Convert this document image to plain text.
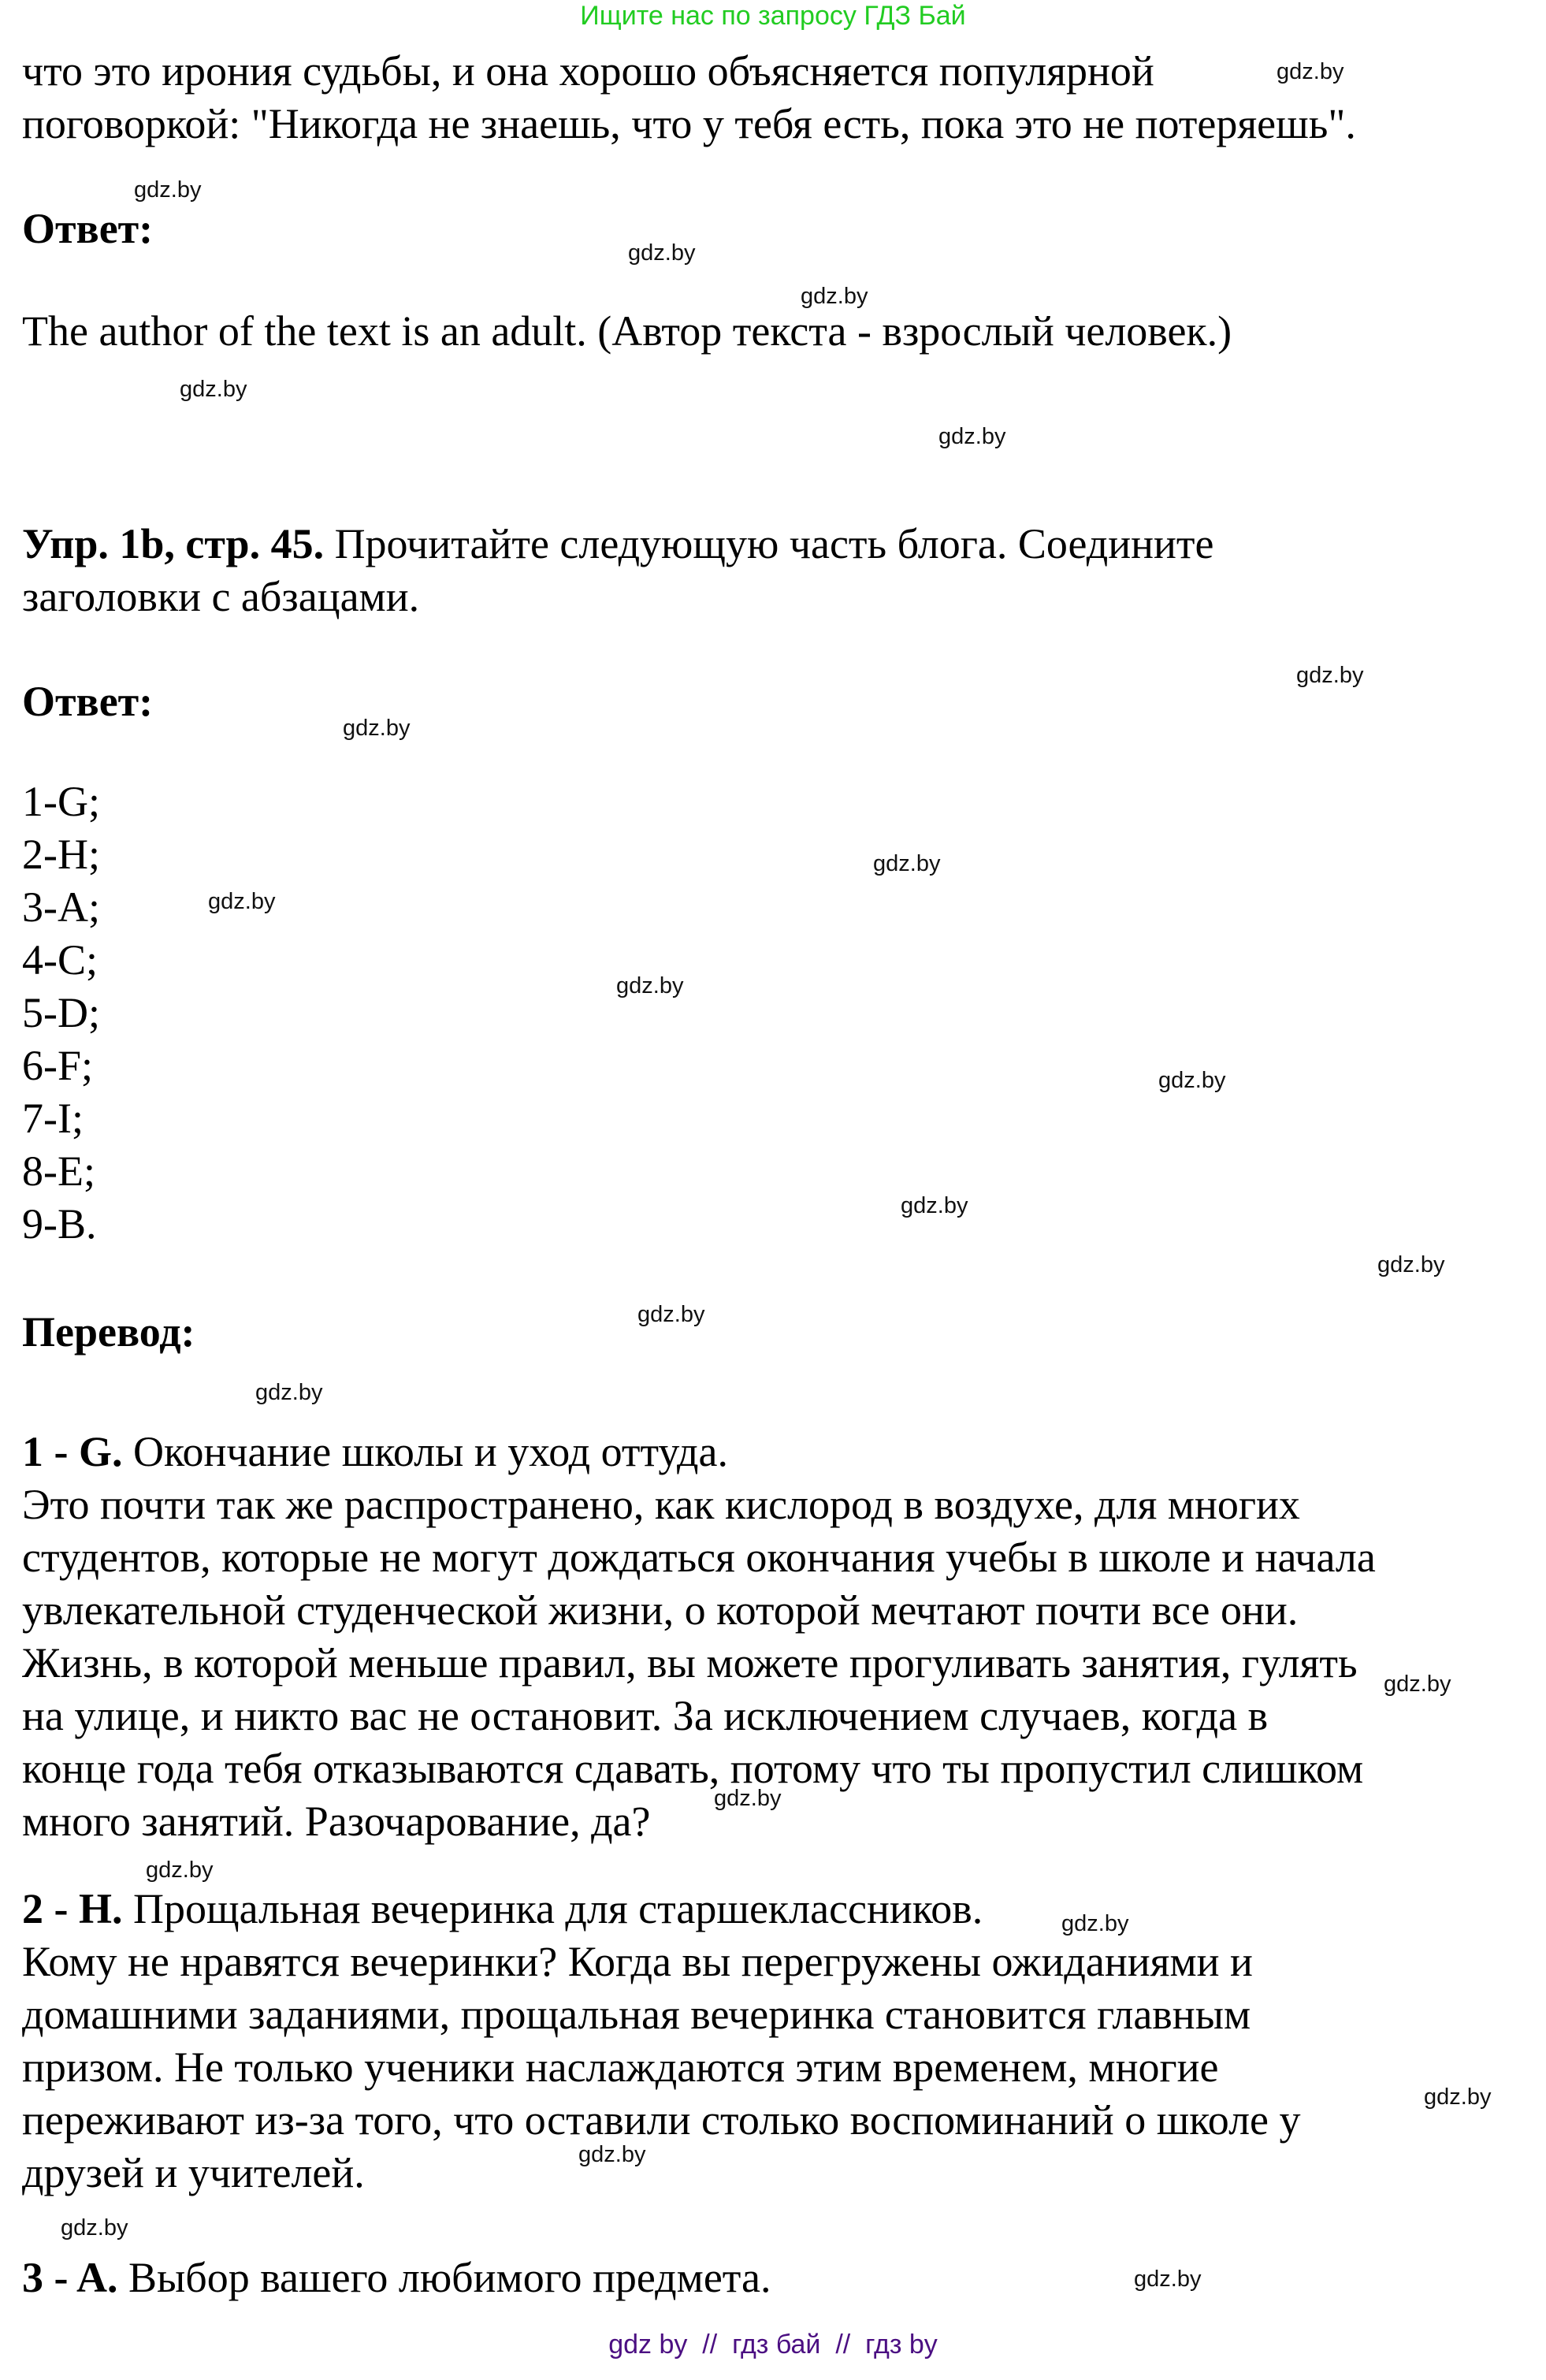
Ищите нас по запросу ГДЗ Бай
что это ирония судьбы, и она хорошо объясняется популярной
поговоркой: "Никогда не знаешь, что у тебя есть, пока это не потеряешь".
Ответ:
The author of the text is an adult. (Автор текста - взрослый человек.)
Упр. 1b, стр. 45. Прочитайте следующую часть блога. Соедините
заголовки с абзацами.
Ответ:
1-G;
2-H;
3-A;
4-C;
5-D;
6-F;
7-I;
8-E;
9-B.
Перевод:
1 - G. Окончание школы и уход оттуда.
Это почти так же распространено, как кислород в воздухе, для многих
студентов, которые не могут дождаться окончания учебы в школе и начала
увлекательной студенческой жизни, о которой мечтают почти все они.
Жизнь, в которой меньше правил, вы можете прогуливать занятия, гулять
на улице, и никто вас не остановит. За исключением случаев, когда в
конце года тебя отказываются сдавать, потому что ты пропустил слишком
много занятий. Разочарование, да?
2 - H. Прощальная вечеринка для старшеклассников.
Кому не нравятся вечеринки? Когда вы перегружены ожиданиями и
домашними заданиями, прощальная вечеринка становится главным
призом. Не только ученики наслаждаются этим временем, многие
переживают из-за того, что оставили столько воспоминаний о школе у
друзей и учителей.
3 - A. Выбор вашего любимого предмета.
gdz.by
gdz.by
gdz.by
gdz.by
gdz.by
gdz.by
gdz.by
gdz.by
gdz.by
gdz.by
gdz.by
gdz.by
gdz.by
gdz.by
gdz.by
gdz.by
gdz.by
gdz.by
gdz.by
gdz.by
gdz.by
gdz.by
gdz.by
gdz.by
gdz by  //  гдз бай  //  гдз by
